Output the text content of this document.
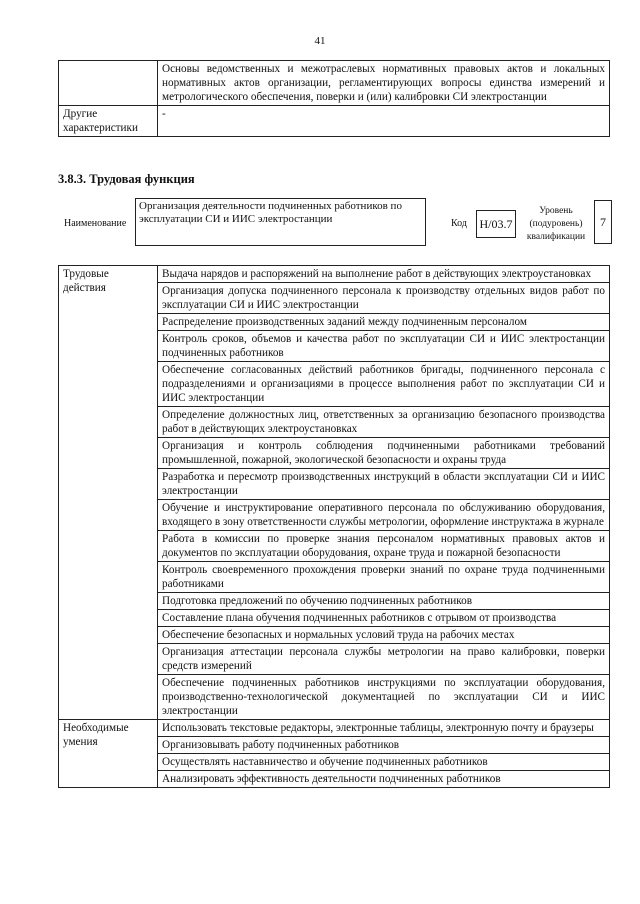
41
	Основы ведомственных и межотраслевых нормативных правовых актов и локальных нормативных актов организации, регламентирующих вопросы единства измерений и метрологического обеспечения, поверки и (или) калибровки СИ электростанции
Другие характеристики	-
3.8.3. Трудовая функция
Наименование
Организация деятельности подчиненных работников по эксплуатации СИ и ИИС электростанции	Код Н/03.7
Уровень (подуровень) квалификации
7
Трудовые действия	Выдача нарядов и распоряжений на выполнение работ в действующих электроустановках
	Организация допуска подчиненного персонала к производству отдельных видов работ по эксплуатации СИ и ИИС электростанции
	Распределение производственных заданий между подчиненным персоналом
	Контроль сроков, объемов и качества работ по эксплуатации СИ и ИИС электростанции подчиненных работников
	Обеспечение согласованных действий работников бригады, подчиненного персонала с подразделениями и организациями в процессе выполнения работ по эксплуатации СИ и ИИС электростанции
	Определение должностных лиц, ответственных за организацию безопасного производства работ в действующих электроустановках
	Организация и контроль соблюдения подчиненными работниками требований промышленной, пожарной, экологической безопасности и охраны труда
	Разработка и пересмотр производственных инструкций в области эксплуатации СИ и ИИС электростанции
	Обучение и инструктирование оперативного персонала по обслуживанию оборудования, входящего в зону ответственности службы метрологии, оформление инструктажа в журнале
	Работа в комиссии по проверке знания персоналом нормативных правовых актов и документов по эксплуатации оборудования, охране труда и пожарной безопасности
	Контроль своевременного прохождения проверки знаний по охране труда подчиненными работниками
	Подготовка предложений по обучению подчиненных работников
	Составление плана обучения подчиненных работников с отрывом от производства
	Обеспечение безопасных и нормальных условий труда на рабочих местах
	Организация аттестации персонала службы метрологии на право калибровки, поверки средств измерений
	Обеспечение подчиненных работников инструкциями по эксплуатации оборудования, производственно-технологической документацией по эксплуатации СИ и ИИС электростанции
Необходимые умения	Использовать текстовые редакторы, электронные таблицы, электронную почту и браузеры
	Организовывать работу подчиненных работников
	Осуществлять наставничество и обучение подчиненных работников
	Анализировать эффективность деятельности подчиненных работников
